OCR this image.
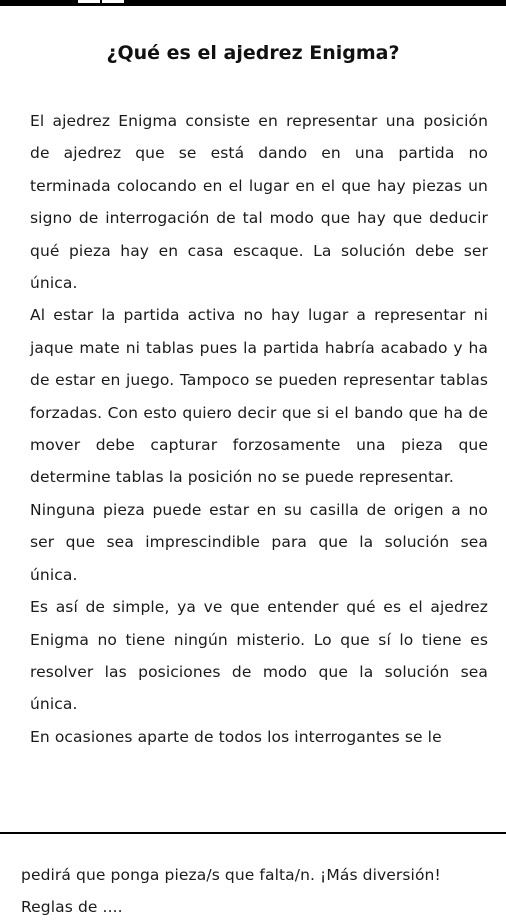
¿Qué es el ajedrez Enigma?

El ajedrez Enigma consiste en representar una posición de ajedrez que se está dando en una partida no terminada colocando en el lugar en el que hay piezas un signo de interrogación de tal modo que hay que deducir qué pieza hay en casa escaque. La solución debe ser única.

Al estar la partida activa no hay lugar a representar ni jaque mate ni tablas pues la partida habría acabado y ha de estar en juego. Tampoco se pueden representar tablas forzadas. Con esto quiero decir que si el bando que ha de mover debe capturar forzosamente una pieza que determine tablas la posición no se puede representar.

Ninguna pieza puede estar en su casilla de origen a no ser que sea imprescindible para que la solución sea única.

Es así de simple, ya ve que entender qué es el ajedrez Enigma no tiene ningún misterio. Lo que sí lo tiene es resolver las posiciones de modo que la solución sea única.

En ocasiones aparte de todos los interrogantes se le

pedirá que ponga pieza/s que falta/n. ¡Más diversión! Reglas de ....
